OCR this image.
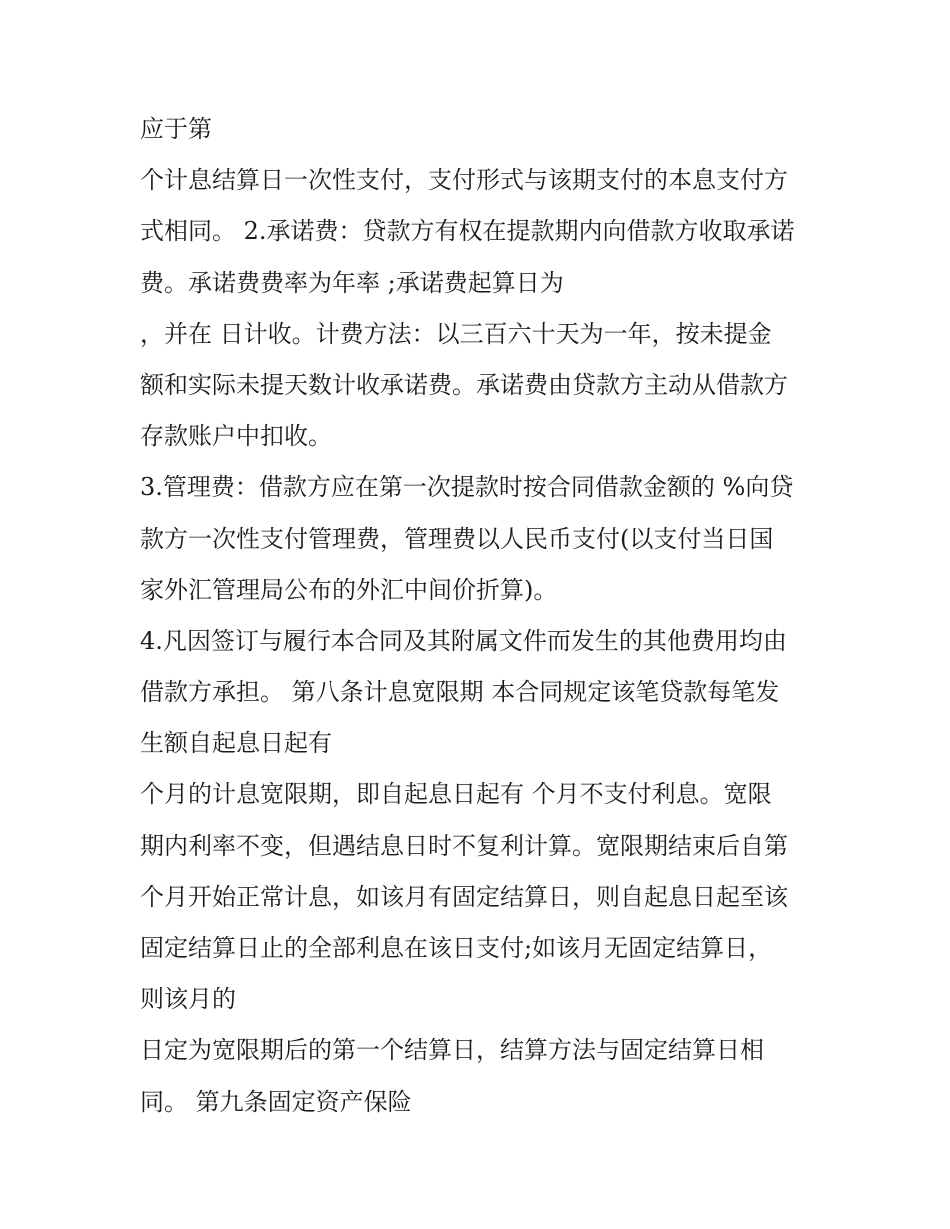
应于第
个计息结算日一次性支付，支付形式与该期支付的本息支付方
式相同。 2.承诺费：贷款方有权在提款期内向借款方收取承诺
费。承诺费费率为年率 ;承诺费起算日为
，并在 日计收。计费方法：以三百六十天为一年，按未提金
额和实际未提天数计收承诺费。承诺费由贷款方主动从借款方
存款账户中扣收。
3.管理费：借款方应在第一次提款时按合同借款金额的 %向贷
款方一次性支付管理费，管理费以人民币支付(以支付当日国
家外汇管理局公布的外汇中间价折算)。
4.凡因签订与履行本合同及其附属文件而发生的其他费用均由
借款方承担。 第八条计息宽限期 本合同规定该笔贷款每笔发
生额自起息日起有
个月的计息宽限期，即自起息日起有 个月不支付利息。宽限
期内利率不变，但遇结息日时不复利计算。宽限期结束后自第
个月开始正常计息，如该月有固定结算日，则自起息日起至该
固定结算日止的全部利息在该日支付;如该月无固定结算日，
则该月的
日定为宽限期后的第一个结算日，结算方法与固定结算日相
同。 第九条固定资产保险
